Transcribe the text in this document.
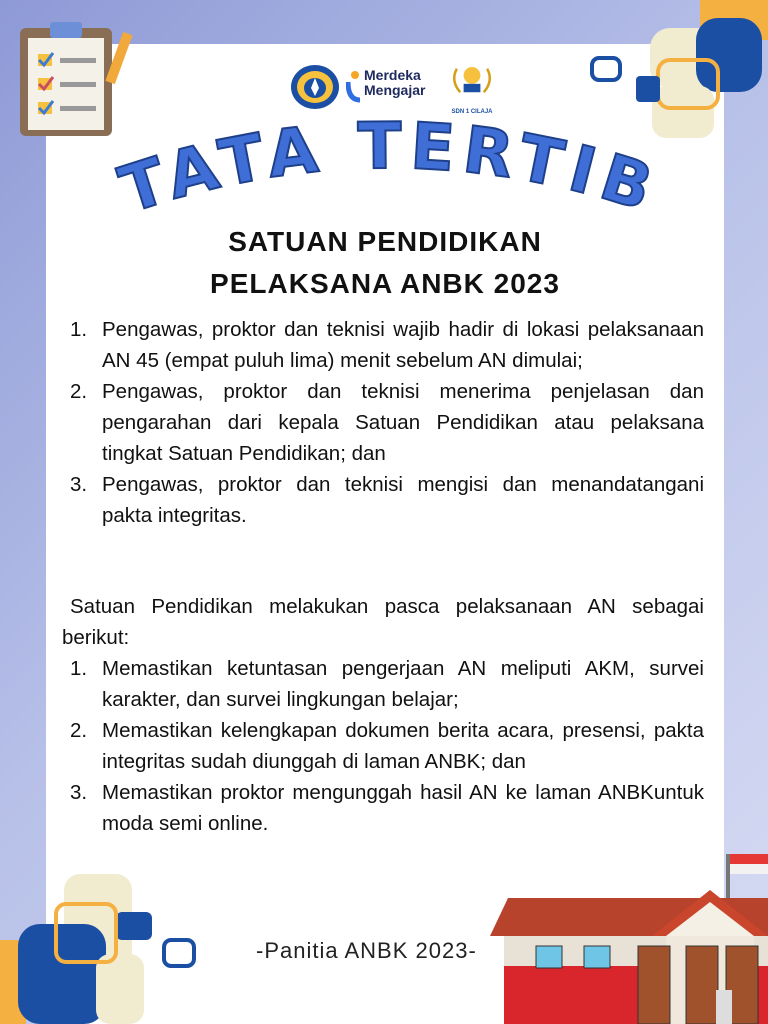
Merdeka Mengajar
SDN 1 CILAJA
TATA TERTIB
SATUAN PENDIDIKAN
PELAKSANA ANBK 2023
1. Pengawas, proktor dan teknisi wajib hadir di lokasi pelaksanaan AN 45 (empat puluh lima) menit sebelum AN dimulai;
2. Pengawas, proktor dan teknisi menerima penjelasan dan pengarahan dari kepala Satuan Pendidikan atau pelaksana tingkat Satuan Pendidikan; dan
3. Pengawas, proktor dan teknisi mengisi dan menandatangani pakta integritas.
Satuan Pendidikan melakukan pasca pelaksanaan AN sebagai berikut:
1. Memastikan ketuntasan pengerjaan AN meliputi AKM, survei karakter, dan survei lingkungan belajar;
2. Memastikan kelengkapan dokumen berita acara, presensi, pakta integritas sudah diunggah di laman ANBK; dan
3. Memastikan proktor mengunggah hasil AN ke laman ANBKuntuk moda semi online.
-Panitia ANBK 2023-
